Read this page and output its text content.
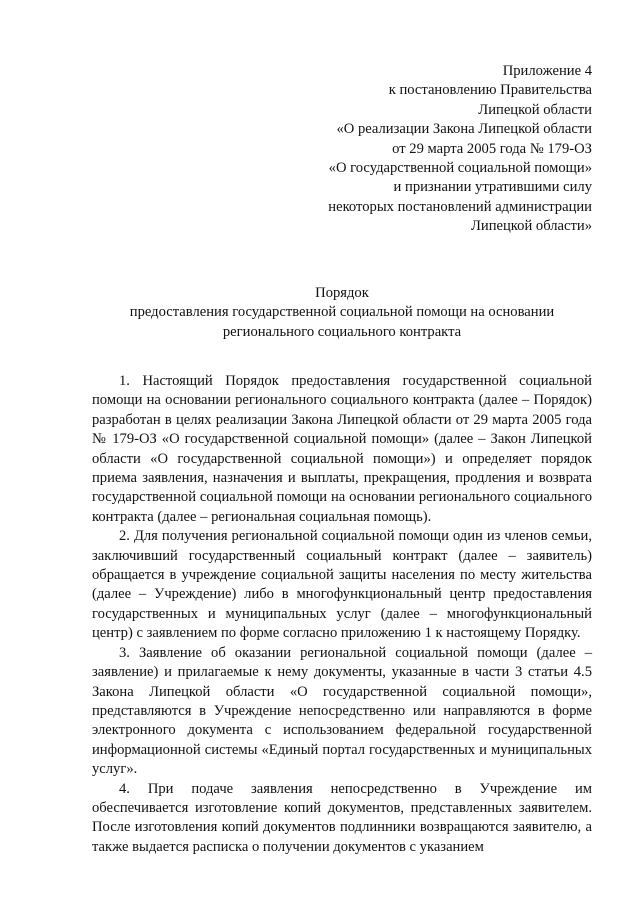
Приложение 4
к постановлению Правительства
Липецкой области
«О реализации Закона Липецкой области
от 29 марта 2005 года № 179-ОЗ
«О государственной социальной помощи»
и признании утратившими силу
некоторых постановлений администрации
Липецкой области»
Порядок
предоставления государственной социальной помощи на основании
регионального социального контракта

1. Настоящий Порядок предоставления государственной социальной помощи на основании регионального социального контракта (далее – Порядок) разработан в целях реализации Закона Липецкой области от 29 марта 2005 года № 179-ОЗ «О государственной социальной помощи» (далее – Закон Липецкой области «О государственной социальной помощи») и определяет порядок приема заявления, назначения и выплаты, прекращения, продления и возврата государственной социальной помощи на основании регионального социального контракта (далее – региональная социальная помощь).

2. Для получения региональной социальной помощи один из членов семьи, заключивший государственный социальный контракт (далее – заявитель) обращается в учреждение социальной защиты населения по месту жительства (далее – Учреждение) либо в многофункциональный центр предоставления государственных и муниципальных услуг (далее – многофункциональный центр) с заявлением по форме согласно приложению 1 к настоящему Порядку.

3. Заявление об оказании региональной социальной помощи (далее – заявление) и прилагаемые к нему документы, указанные в части 3 статьи 4.5 Закона Липецкой области «О государственной социальной помощи», представляются в Учреждение непосредственно или направляются в форме электронного документа с использованием федеральной государственной информационной системы «Единый портал государственных и муниципальных услуг».

4. При подаче заявления непосредственно в Учреждение им обеспечивается изготовление копий документов, представленных заявителем. После изготовления копий документов подлинники возвращаются заявителю, а также выдается расписка о получении документов с указанием
